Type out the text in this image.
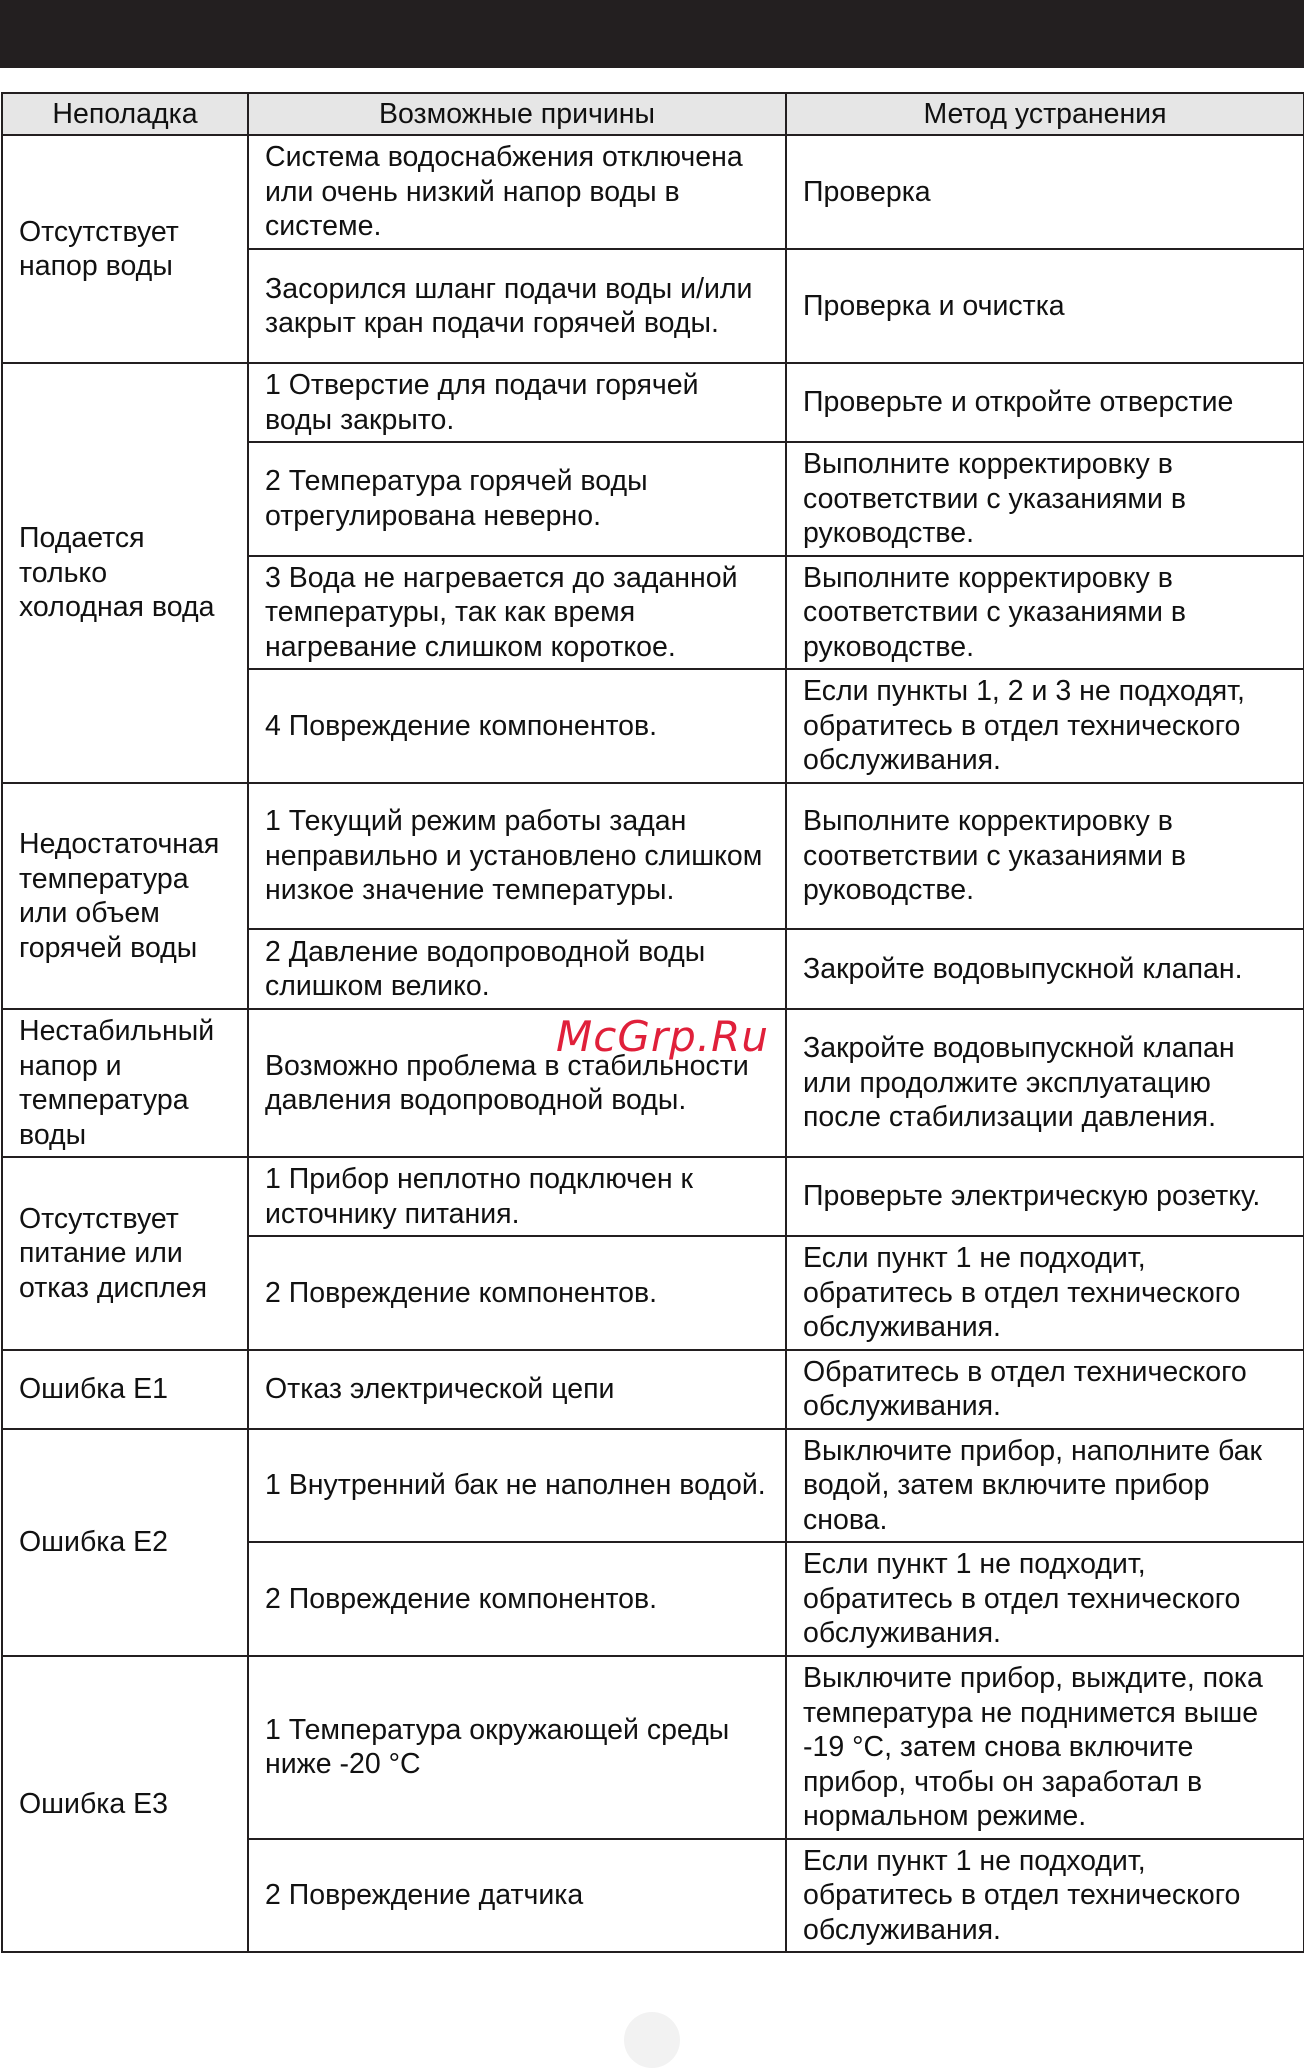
Неполадка	Возможные причины	Метод устранения
Отсутствует напор воды	Система водоснабжения отключена или очень низкий напор воды в системе.	Проверка
	Засорился шланг подачи воды и/или закрыт кран подачи горячей воды.	Проверка и очистка
Подается только холодная вода	1 Отверстие для подачи горячей воды закрыто.	Проверьте и откройте отверстие
	2 Температура горячей воды отрегулирована неверно.	Выполните корректировку в соответствии с указаниями в руководстве.
	3 Вода не нагревается до заданной температуры, так как время нагревание слишком короткое.	Выполните корректировку в соответствии с указаниями в руководстве.
	4 Повреждение компонентов.	Если пункты 1, 2 и 3 не подходят, обратитесь в отдел технического обслуживания.
Недостаточная температура или объем горячей воды	1 Текущий режим работы задан неправильно и установлено слишком низкое значение температуры.	Выполните корректировку в соответствии с указаниями в руководстве.
	2 Давление водопроводной воды слишком велико.	Закройте водовыпускной клапан.
Нестабильный напор и температура воды	Возможно проблема в стабильности давления водопроводной воды.	Закройте водовыпускной клапан или продолжите эксплуатацию после стабилизации давления.
Отсутствует питание или отказ дисплея	1 Прибор неплотно подключен к источнику питания.	Проверьте электрическую розетку.
	2 Повреждение компонентов.	Если пункт 1 не подходит, обратитесь в отдел технического обслуживания.
Ошибка E1	Отказ электрической цепи	Обратитесь в отдел технического обслуживания.
Ошибка E2	1 Внутренний бак не наполнен водой.	Выключите прибор, наполните бак водой, затем включите прибор снова.
	2 Повреждение компонентов.	Если пункт 1 не подходит, обратитесь в отдел технического обслуживания.
Ошибка E3	1 Температура окружающей среды ниже -20 °C	Выключите прибор, выждите, пока температура не поднимется выше -19 °C, затем снова включите прибор, чтобы он заработал в нормальном режиме.
	2 Повреждение датчика	Если пункт 1 не подходит, обратитесь в отдел технического обслуживания.
McGrp.Ru
